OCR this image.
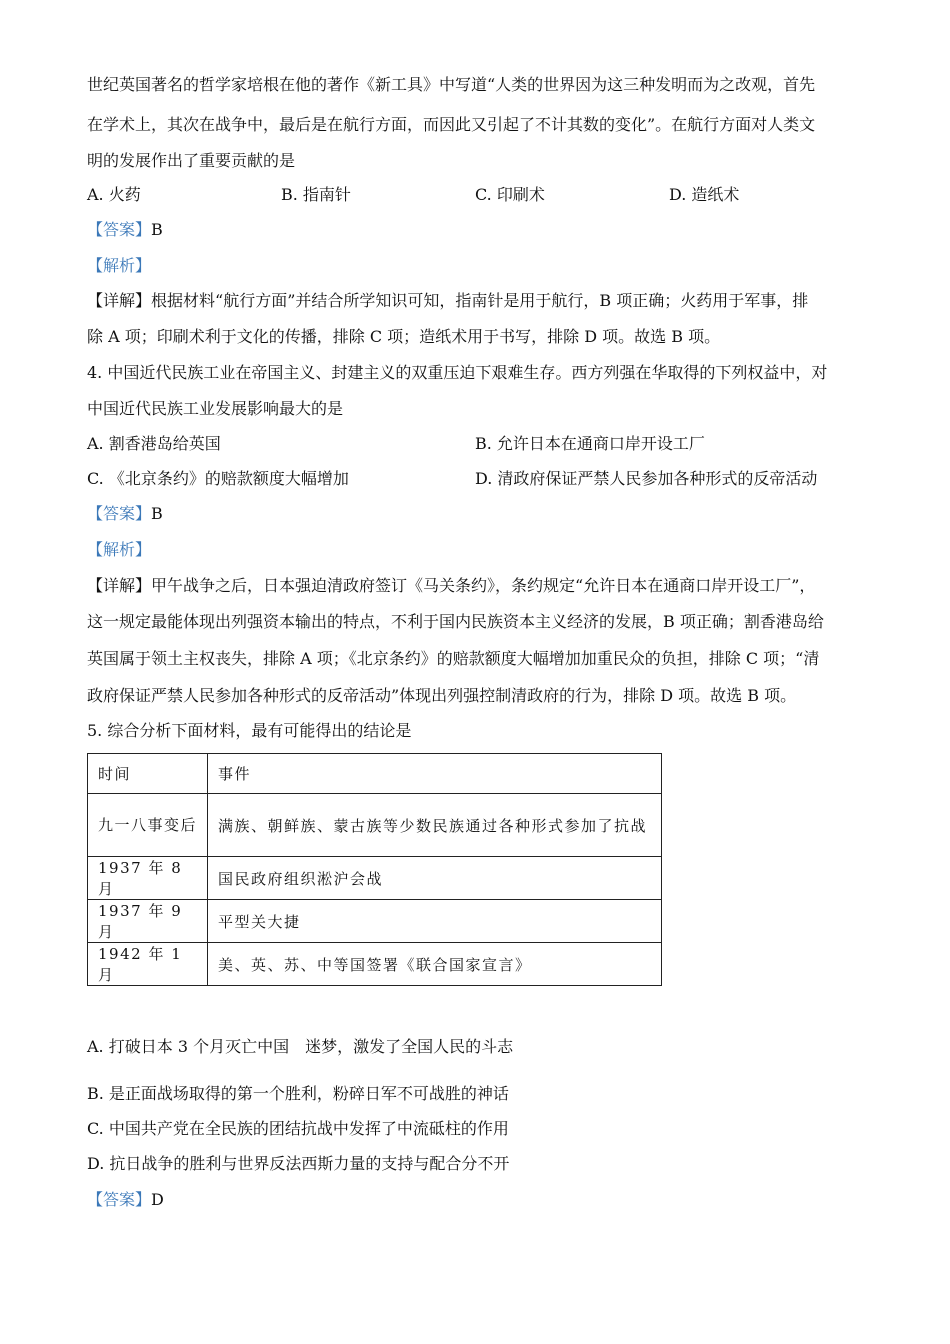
世纪英国著名的哲学家培根在他的著作《新工具》中写道“人类的世界因为这三种发明而为之改观，首先
在学术上，其次在战争中，最后是在航行方面，而因此又引起了不计其数的变化”。在航行方面对人类文
明的发展作出了重要贡献的是
A. 火药	B. 指南针	C. 印刷术	D. 造纸术
【答案】B
【解析】
【详解】根据材料“航行方面”并结合所学知识可知，指南针是用于航行，B 项正确；火药用于军事，排
除 A 项；印刷术利于文化的传播，排除 C 项；造纸术用于书写，排除 D 项。故选 B 项。
4. 中国近代民族工业在帝国主义、封建主义的双重压迫下艰难生存。西方列强在华取得的下列权益中，对
中国近代民族工业发展影响最大的是
A. 割香港岛给英国	B. 允许日本在通商口岸开设工厂
C. 《北京条约》的赔款额度大幅增加	D. 清政府保证严禁人民参加各种形式的反帝活动
【答案】B
【解析】
【详解】甲午战争之后，日本强迫清政府签订《马关条约》，条约规定“允许日本在通商口岸开设工厂”，
这一规定最能体现出列强资本输出的特点，不利于国内民族资本主义经济的发展，B 项正确；割香港岛给
英国属于领土主权丧失，排除 A 项；《北京条约》的赔款额度大幅增加加重民众的负担，排除 C 项；“清
政府保证严禁人民参加各种形式的反帝活动”体现出列强控制清政府的行为，排除 D 项。故选 B 项。
5. 综合分析下面材料，最有可能得出的结论是
时间	事件
九一八事变后	满族、朝鲜族、蒙古族等少数民族通过各种形式参加了抗战
1937 年 8 月	国民政府组织淞沪会战
1937 年 9 月	平型关大捷
1942 年 1 月	美、英、苏、中等国签署《联合国家宣言》
A. 打破日本 3 个月灭亡中国　迷梦，激发了全国人民的斗志
B. 是正面战场取得的第一个胜利，粉碎日军不可战胜的神话
C. 中国共产党在全民族的团结抗战中发挥了中流砥柱的作用
D. 抗日战争的胜利与世界反法西斯力量的支持与配合分不开
【答案】D
